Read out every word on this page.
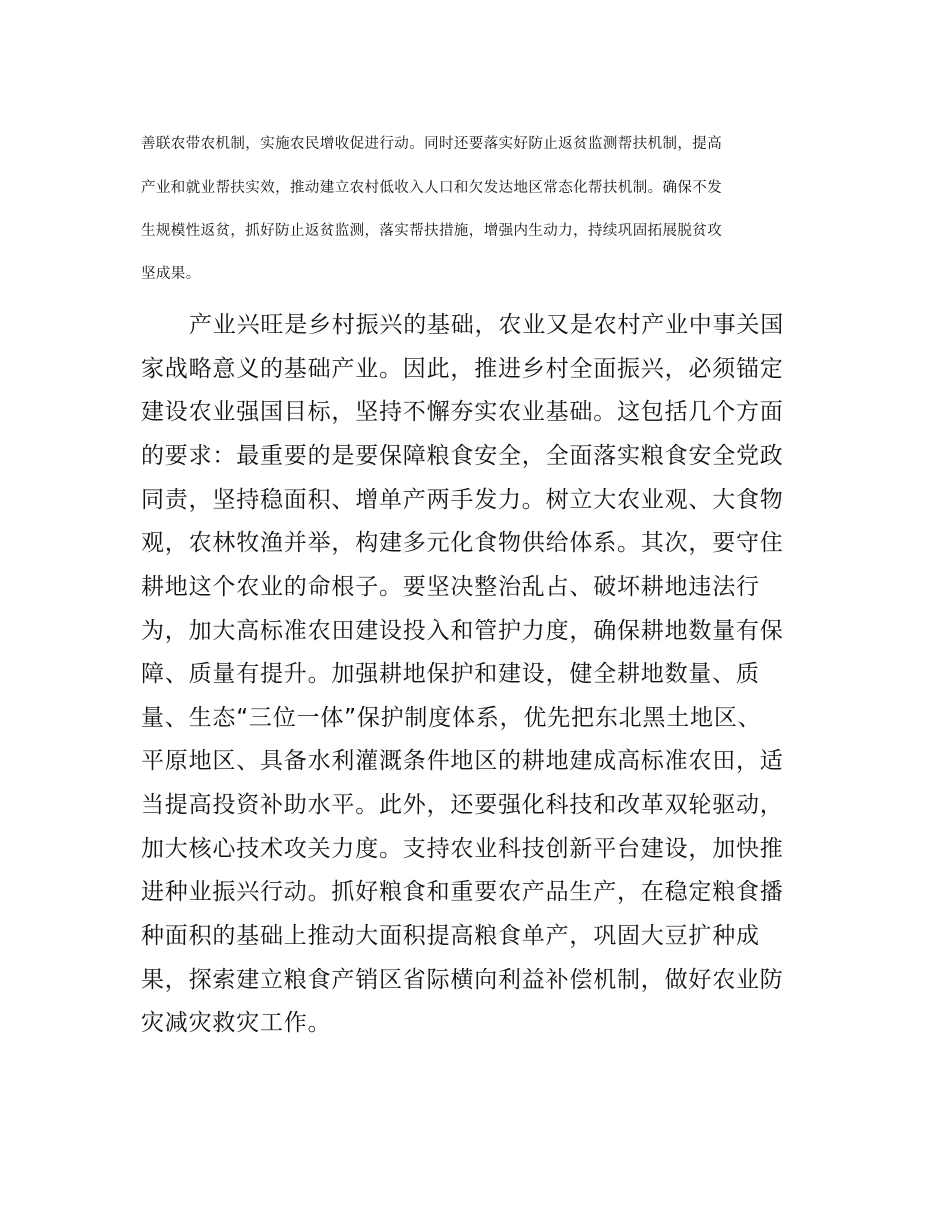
善联农带农机制，实施农民增收促进行动。同时还要落实好防止返贫监测帮扶机制，提高

产业和就业帮扶实效，推动建立农村低收入人口和欠发达地区常态化帮扶机制。确保不发

生规模性返贫，抓好防止返贫监测，落实帮扶措施，增强内生动力，持续巩固拓展脱贫攻

坚成果。

产业兴旺是乡村振兴的基础，农业又是农村产业中事关国

家战略意义的基础产业。因此，推进乡村全面振兴，必须锚定

建设农业强国目标，坚持不懈夯实农业基础。这包括几个方面

的要求：最重要的是要保障粮食安全，全面落实粮食安全党政

同责，坚持稳面积、增单产两手发力。树立大农业观、大食物

观，农林牧渔并举，构建多元化食物供给体系。其次，要守住

耕地这个农业的命根子。要坚决整治乱占、破坏耕地违法行

为，加大高标准农田建设投入和管护力度，确保耕地数量有保

障、质量有提升。加强耕地保护和建设，健全耕地数量、质

量、生态“三位一体”保护制度体系，优先把东北黑土地区、

平原地区、具备水利灌溉条件地区的耕地建成高标准农田，适

当提高投资补助水平。此外，还要强化科技和改革双轮驱动，

加大核心技术攻关力度。支持农业科技创新平台建设，加快推

进种业振兴行动。抓好粮食和重要农产品生产，在稳定粮食播

种面积的基础上推动大面积提高粮食单产，巩固大豆扩种成

果，探索建立粮食产销区省际横向利益补偿机制，做好农业防

灾减灾救灾工作。
